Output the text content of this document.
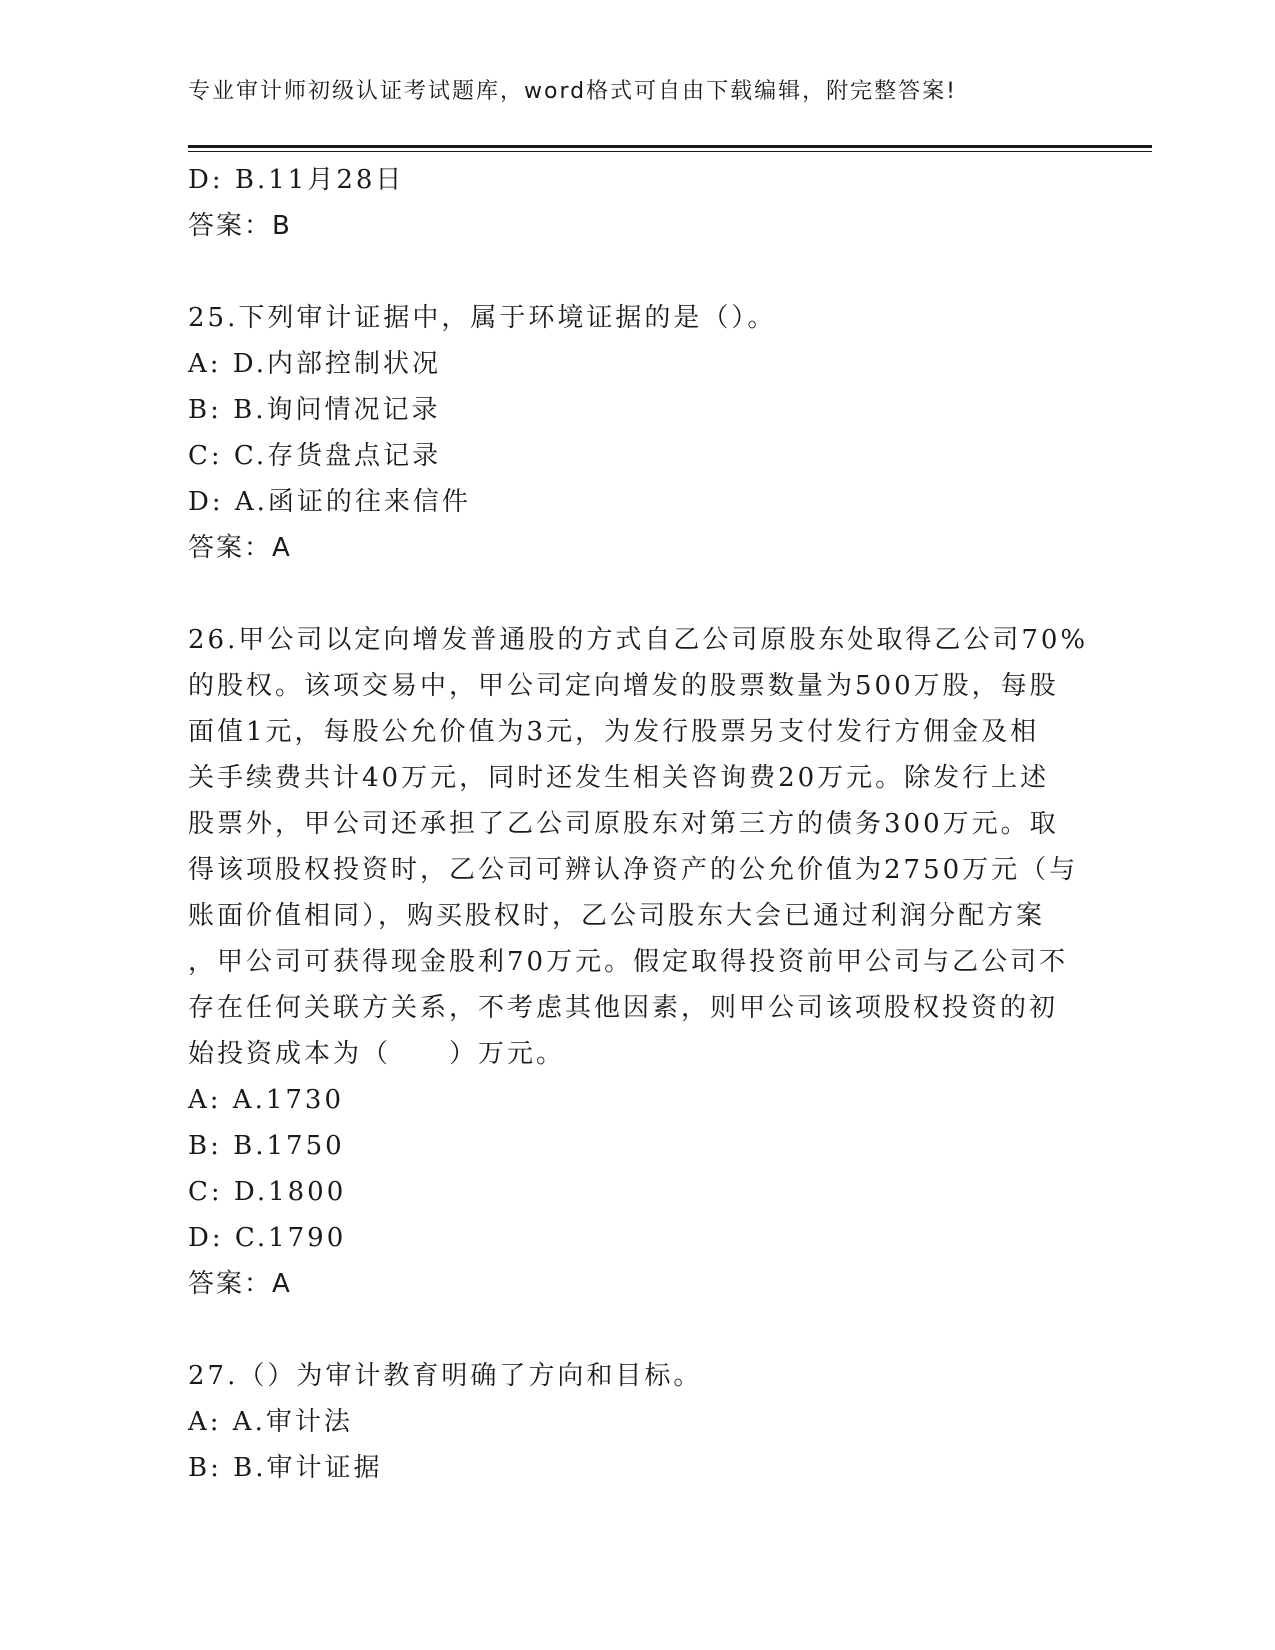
专业审计师初级认证考试题库，word格式可自由下载编辑，附完整答案!
D: B.11月28日
答案：B
25.下列审计证据中，属于环境证据的是（）。
A: D.内部控制状况
B: B.询问情况记录
C: C.存货盘点记录
D: A.函证的往来信件
答案：A
26.甲公司以定向增发普通股的方式自乙公司原股东处取得乙公司70%
的股权。该项交易中，甲公司定向增发的股票数量为500万股，每股
面值1元，每股公允价值为3元，为发行股票另支付发行方佣金及相
关手续费共计40万元，同时还发生相关咨询费20万元。除发行上述
股票外，甲公司还承担了乙公司原股东对第三方的债务300万元。取
得该项股权投资时，乙公司可辨认净资产的公允价值为2750万元（与
账面价值相同），购买股权时，乙公司股东大会已通过利润分配方案
，甲公司可获得现金股利70万元。假定取得投资前甲公司与乙公司不
存在任何关联方关系，不考虑其他因素，则甲公司该项股权投资的初
始投资成本为（　　）万元。
A: A.1730
B: B.1750
C: D.1800
D: C.1790
答案：A
27.（）为审计教育明确了方向和目标。
A: A.审计法
B: B.审计证据
